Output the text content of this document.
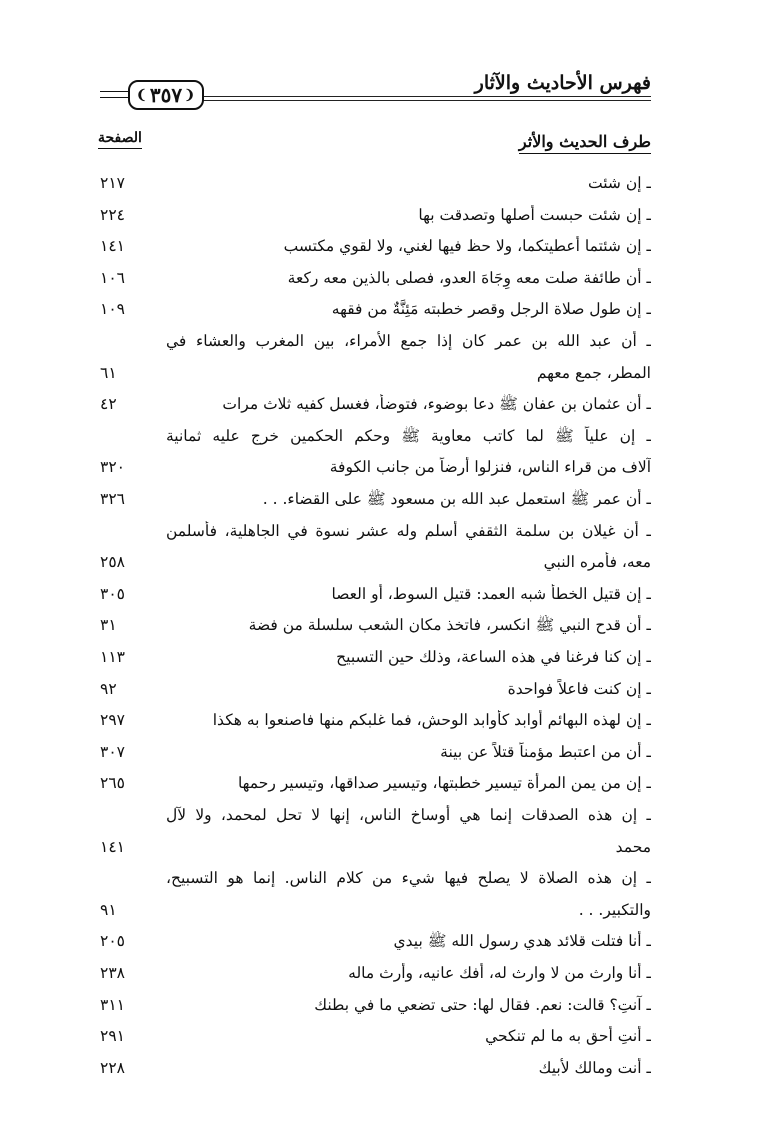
فهرس الأحاديث والآثار
❨ ٣٥٧ ❩
طرف الحديث والأثر
الصفحة
ـ إن شئت
٢١٧
ـ إن شئت حبست أصلها وتصدقت بها
٢٢٤
ـ إن شئتما أعطيتكما، ولا حظ فيها لغني، ولا لقوي مكتسب
١٤١
ـ أن طائفة صلت معه وِجَاهَ العدو، فصلى بالذين معه ركعة
١٠٦
ـ إن طول صلاة الرجل وقصر خطبته مَئِنَّةٌ من فقهه
١٠٩
ـ أن عبد الله بن عمر كان إذا جمع الأمراء، بين المغرب والعشاء في
المطر، جمع معهم
٦١
ـ أن عثمان بن عفان ﷺ دعا بوضوء، فتوضأ، فغسل كفيه ثلاث مرات
٤٢
ـ إن علياً ﷺ لما كاتب معاوية ﷺ وحكم الحكمين خرج عليه ثمانية
آلاف من قراء الناس، فنزلوا أرضاً من جانب الكوفة
٣٢٠
ـ أن عمر ﷺ استعمل عبد الله بن مسعود ﷺ على القضاء. . .
٣٢٦
ـ أن غيلان بن سلمة الثقفي أسلم وله عشر نسوة في الجاهلية، فأسلمن
معه، فأمره النبي
٢٥٨
ـ إن قتيل الخطأ شبه العمد: قتيل السوط، أو العصا
٣٠٥
ـ أن قدح النبي ﷺ انكسر، فاتخذ مكان الشعب سلسلة من فضة
٣١
ـ إن كنا فرغنا في هذه الساعة، وذلك حين التسبيح
١١٣
ـ إن كنت فاعلاً فواحدة
٩٢
ـ إن لهذه البهائم أوابد كأوابد الوحش، فما غلبكم منها فاصنعوا به هكذا
٢٩٧
ـ أن من اعتبط مؤمناً قتلاً عن بينة
٣٠٧
ـ إن من يمن المرأة تيسير خطبتها، وتيسير صداقها، وتيسير رحمها
٢٦٥
ـ إن هذه الصدقات إنما هي أوساخ الناس، إنها لا تحل لمحمد، ولا لآل
محمد
١٤١
ـ إن هذه الصلاة لا يصلح فيها شيء من كلام الناس. إنما هو التسبيح،
والتكبير. . .
٩١
ـ أنا فتلت قلائد هدي رسول الله ﷺ بيدي
٢٠٥
ـ أنا وارث من لا وارث له، أفك عانيه، وأرث ماله
٢٣٨
ـ آنتِ؟ قالت: نعم. فقال لها: حتى تضعي ما في بطنك
٣١١
ـ أنتِ أحق به ما لم تنكحي
٢٩١
ـ أنت ومالك لأبيك
٢٢٨
